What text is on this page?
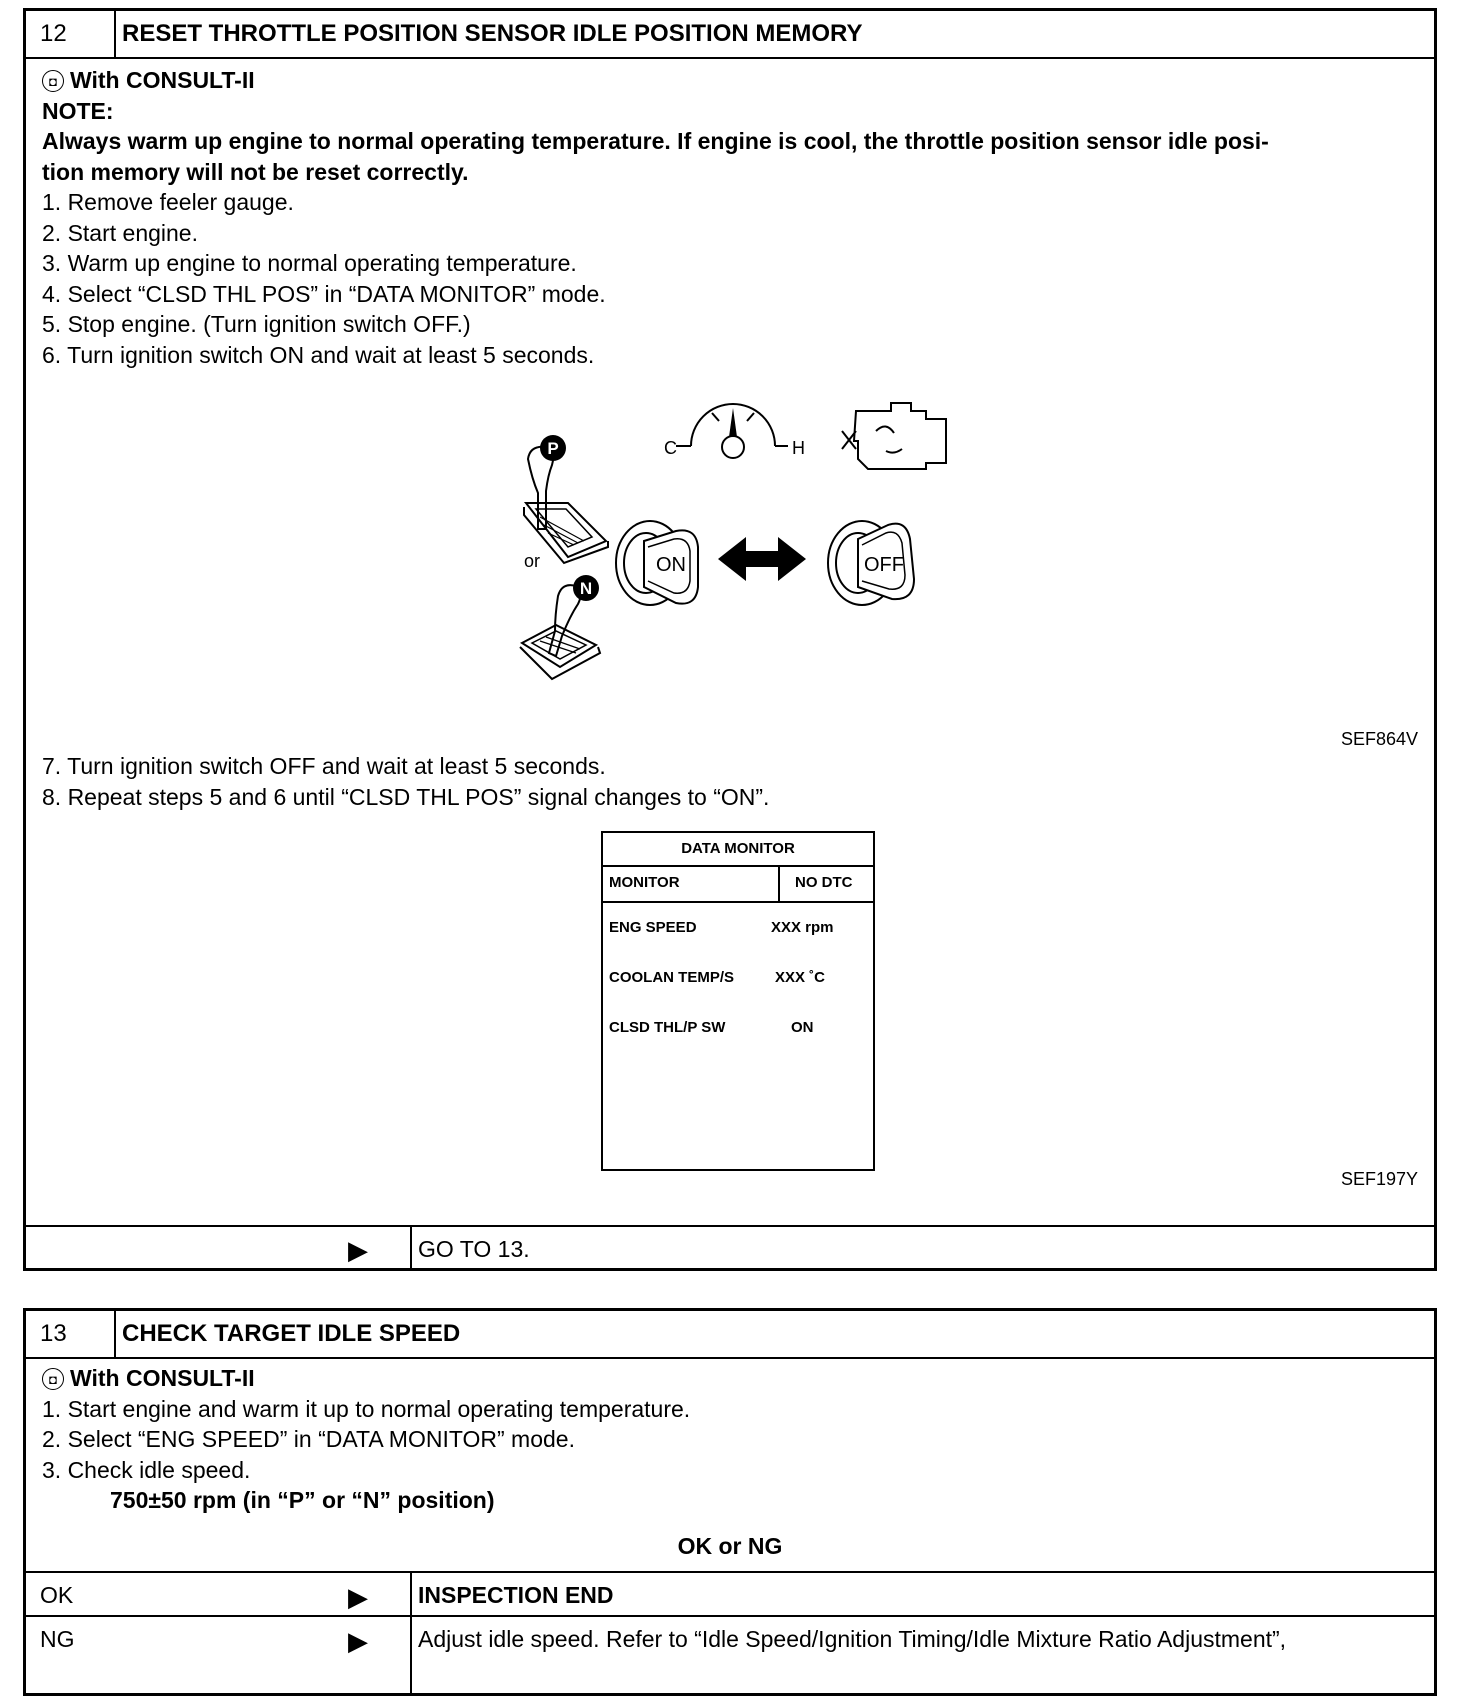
12	RESET THROTTLE POSITION SENSOR IDLE POSITION MEMORY
◘ With CONSULT-II
NOTE:
Always warm up engine to normal operating temperature. If engine is cool, the throttle position sensor idle posi-
tion memory will not be reset correctly.
1. Remove feeler gauge.
2. Start engine.
3. Warm up engine to normal operating temperature.
4. Select “CLSD THL POS” in “DATA MONITOR” mode.
5. Stop engine. (Turn ignition switch OFF.)
6. Turn ignition switch ON and wait at least 5 seconds.
C	H
P
or
N
ON	OFF
SEF864V
7. Turn ignition switch OFF and wait at least 5 seconds.
8. Repeat steps 5 and 6 until “CLSD THL POS” signal changes to “ON”.
DATA MONITOR
MONITOR	NO DTC
ENG SPEED	XXX rpm
COOLAN TEMP/S	XXX ˚C
CLSD THL/P SW	ON
SEF197Y
▶ GO TO 13.
13	CHECK TARGET IDLE SPEED
◘ With CONSULT-II
1. Start engine and warm it up to normal operating temperature.
2. Select “ENG SPEED” in “DATA MONITOR” mode.
3. Check idle speed.
750±50 rpm (in “P” or “N” position)
OK or NG
OK	▶ INSPECTION END
NG	▶ Adjust idle speed. Refer to “Idle Speed/Ignition Timing/Idle Mixture Ratio Adjustment”,
